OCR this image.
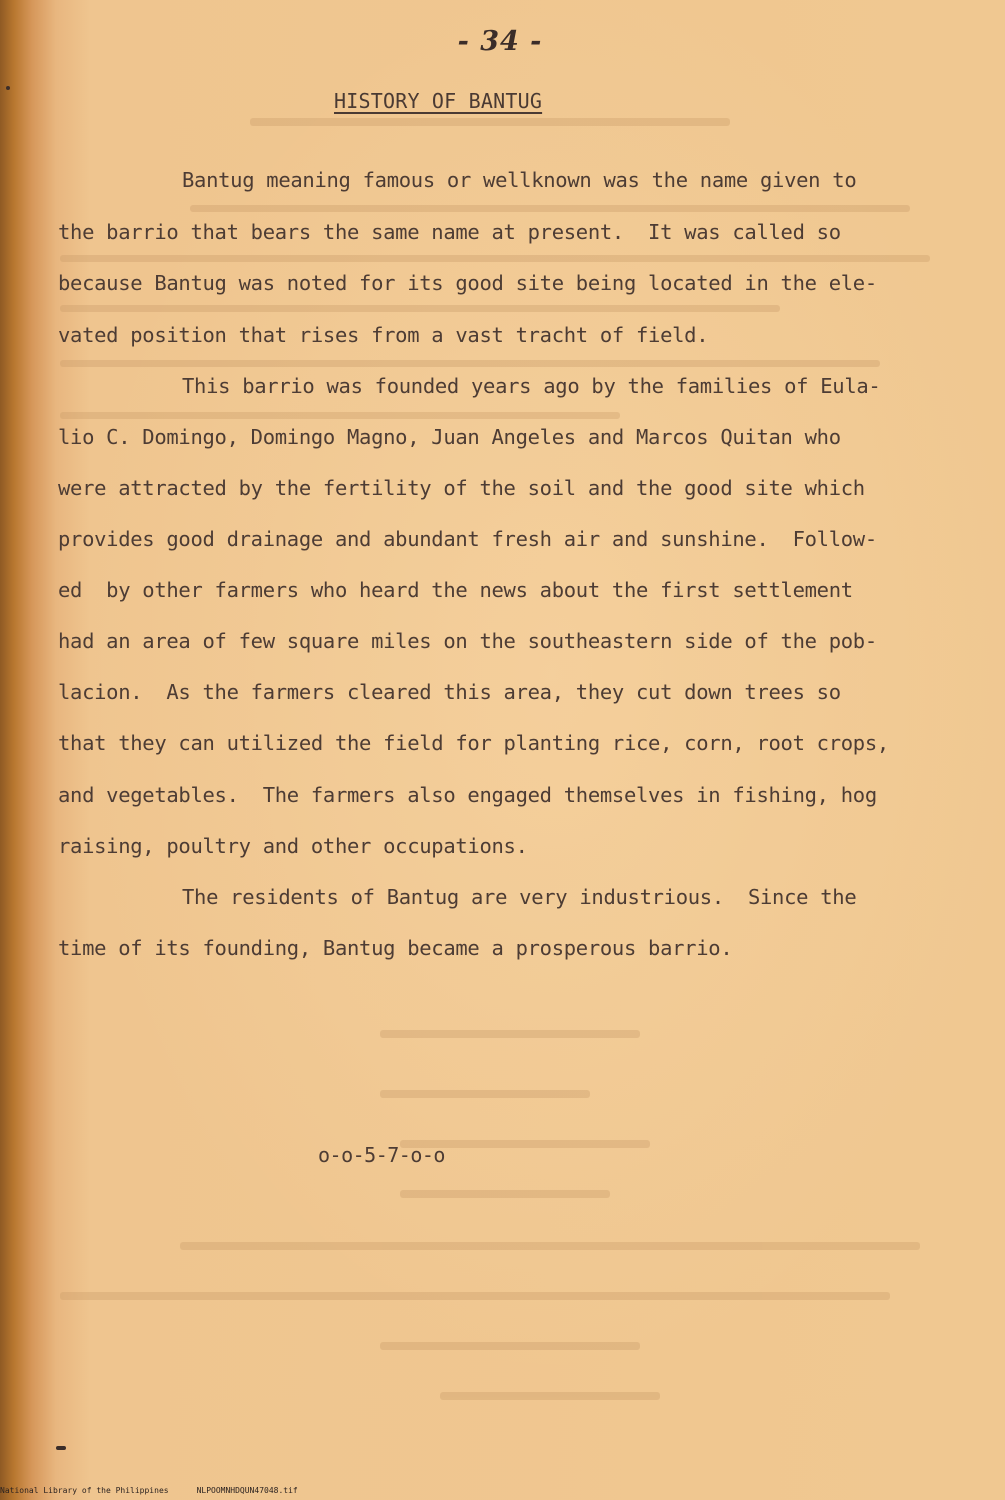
- 34 -
HISTORY OF BANTUG
Bantug meaning famous or wellknown was the name given to
the barrio that bears the same name at present.  It was called so
because Bantug was noted for its good site being located in the ele-
vated position that rises from a vast tracht of field.
This barrio was founded years ago by the families of Eula-
lio C. Domingo, Domingo Magno, Juan Angeles and Marcos Quitan who
were attracted by the fertility of the soil and the good site which
provides good drainage and abundant fresh air and sunshine.  Follow-
ed  by other farmers who heard the news about the first settlement
had an area of few square miles on the southeastern side of the pob-
lacion.  As the farmers cleared this area, they cut down trees so
that they can utilized the field for planting rice, corn, root crops,
and vegetables.  The farmers also engaged themselves in fishing, hog
raising, poultry and other occupations.
The residents of Bantug are very industrious.  Since the
time of its founding, Bantug became a prosperous barrio.
o-o-5-7-o-o
National Library of the Philippines	NLPOOMNHDQUN47048.tif
